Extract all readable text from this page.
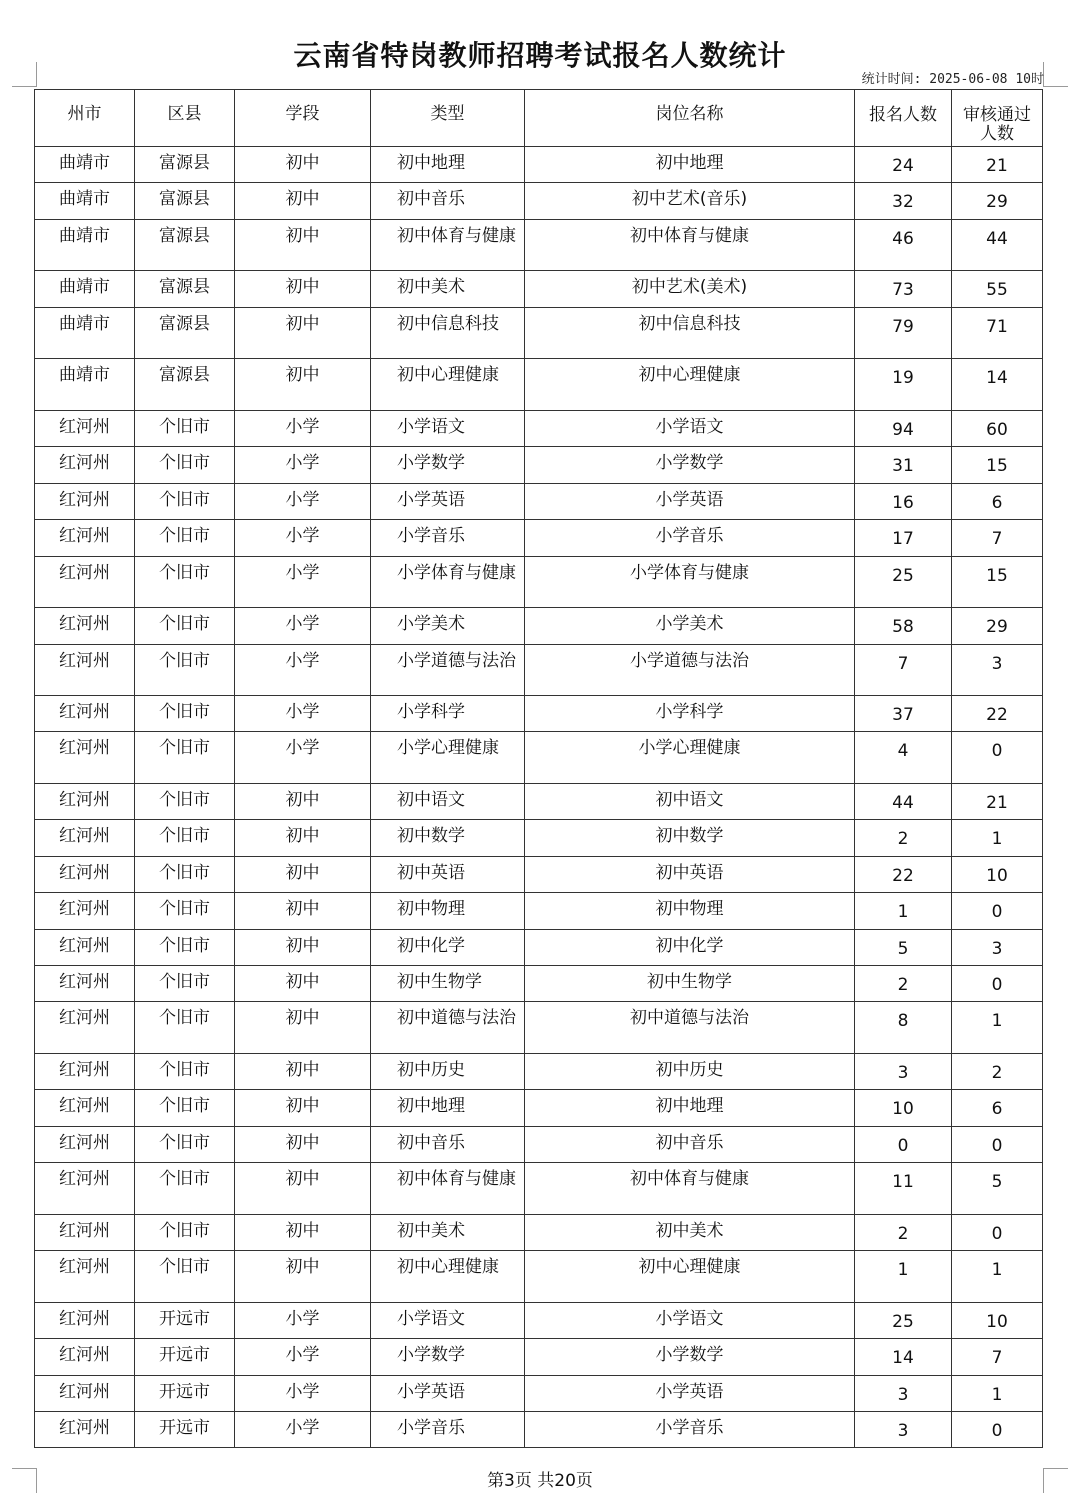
云南省特岗教师招聘考试报名人数统计
统计时间: 2025-06-08 10时
州市	区县	学段	类型	岗位名称	报名人数	审核通过人数
曲靖市	富源县	初中	初中地理	初中地理	24	21
曲靖市	富源县	初中	初中音乐	初中艺术(音乐)	32	29
曲靖市	富源县	初中	初中体育与健康	初中体育与健康	46	44
曲靖市	富源县	初中	初中美术	初中艺术(美术)	73	55
曲靖市	富源县	初中	初中信息科技	初中信息科技	79	71
曲靖市	富源县	初中	初中心理健康	初中心理健康	19	14
红河州	个旧市	小学	小学语文	小学语文	94	60
红河州	个旧市	小学	小学数学	小学数学	31	15
红河州	个旧市	小学	小学英语	小学英语	16	6
红河州	个旧市	小学	小学音乐	小学音乐	17	7
红河州	个旧市	小学	小学体育与健康	小学体育与健康	25	15
红河州	个旧市	小学	小学美术	小学美术	58	29
红河州	个旧市	小学	小学道德与法治	小学道德与法治	7	3
红河州	个旧市	小学	小学科学	小学科学	37	22
红河州	个旧市	小学	小学心理健康	小学心理健康	4	0
红河州	个旧市	初中	初中语文	初中语文	44	21
红河州	个旧市	初中	初中数学	初中数学	2	1
红河州	个旧市	初中	初中英语	初中英语	22	10
红河州	个旧市	初中	初中物理	初中物理	1	0
红河州	个旧市	初中	初中化学	初中化学	5	3
红河州	个旧市	初中	初中生物学	初中生物学	2	0
红河州	个旧市	初中	初中道德与法治	初中道德与法治	8	1
红河州	个旧市	初中	初中历史	初中历史	3	2
红河州	个旧市	初中	初中地理	初中地理	10	6
红河州	个旧市	初中	初中音乐	初中音乐	0	0
红河州	个旧市	初中	初中体育与健康	初中体育与健康	11	5
红河州	个旧市	初中	初中美术	初中美术	2	0
红河州	个旧市	初中	初中心理健康	初中心理健康	1	1
红河州	开远市	小学	小学语文	小学语文	25	10
红河州	开远市	小学	小学数学	小学数学	14	7
红河州	开远市	小学	小学英语	小学英语	3	1
红河州	开远市	小学	小学音乐	小学音乐	3	0
第3页 共20页
